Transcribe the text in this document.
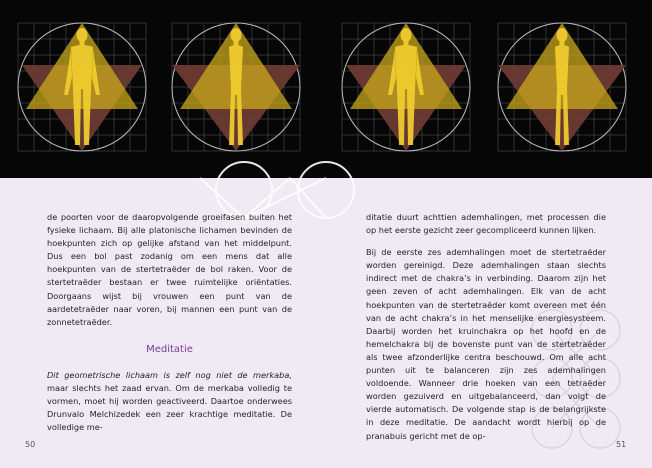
de poorten voor de daaropvolgende groeifasen buiten het fysieke lichaam. Bij alle platonische lichamen bevinden de hoekpunten zich op gelijke afstand van het middelpunt. Dus een bol past zodanig om een mens dat alle hoekpunten van de stertetraëder de bol raken. Voor de stertetraëder bestaan er twee ruimtelijke oriëntaties. Doorgaans wijst bij vrouwen een punt van de aardetetraëder naar voren, bij mannen een punt van de zonnetetraëder.

Meditatie

Dit geometrische lichaam is zelf nog niet de merkaba, maar slechts het zaad ervan. Om de merkaba volledig te vormen, moet hij worden geactiveerd. Daartoe onderwees Drunvalo Melchizedek een zeer krachtige meditatie. De volledige me-

ditatie duurt achttien ademhalingen, met processen die op het eerste gezicht zeer gecompliceerd kunnen lijken.

Bij de eerste zes ademhalingen moet de stertetraëder worden gereinigd. Deze ademhalingen staan slechts indirect met de chakra’s in verbinding. Daarom zijn het geen zeven of acht ademhalingen. Elk van de acht hoekpunten van de stertetraëder komt overeen met één van de acht chakra’s in het menselijke energiesysteem. Daarbij worden het kruinchakra op het hoofd en de hemelchakra bij de bovenste punt van de stertetraëder als twee afzonderlijke centra beschouwd. Om alle acht punten uit te balanceren zijn zes ademhalingen voldoende. Wanneer drie hoeken van een tetraëder worden gezuiverd en uitgebalanceerd, dan volgt de vierde automatisch. De volgende stap is de belangrijkste in deze meditatie. De aandacht wordt hierbij op de pranabuis gericht met de op-

50	51
